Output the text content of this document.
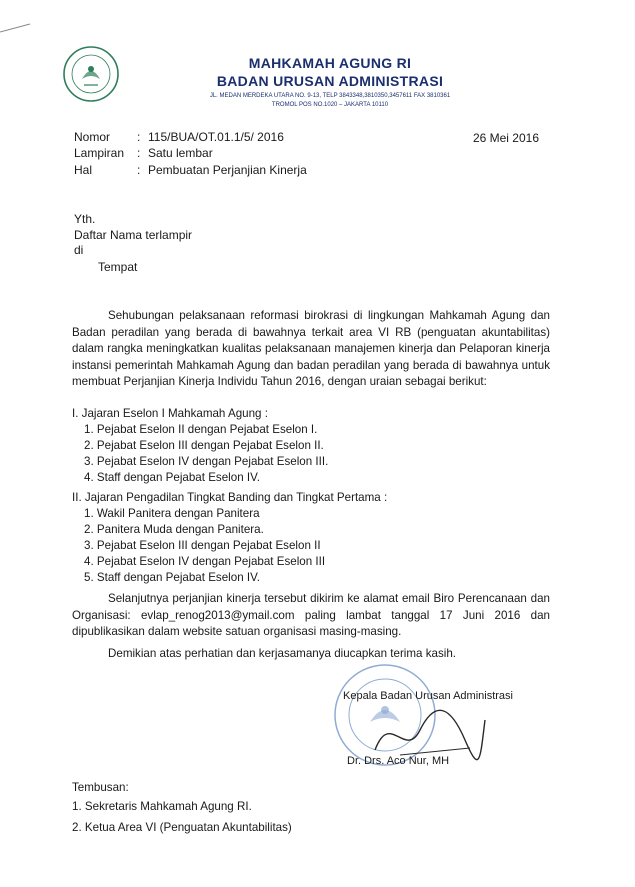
MAHKAMAH AGUNG RI
BADAN URUSAN ADMINISTRASI
JL. MEDAN MERDEKA UTARA NO. 9-13, TELP 3843348,3810350,3457611 FAX 3810361
TROMOL POS NO.1020 – JAKARTA 10110
Nomor : 115/BUA/OT.01.1/5/ 2016	26 Mei 2016
Lampiran : Satu lembar
Hal	: Pembuatan Perjanjian Kinerja
Yth.
Daftar Nama terlampir
di
Tempat
Sehubungan pelaksanaan reformasi birokrasi di lingkungan Mahkamah Agung dan Badan peradilan yang berada di bawahnya terkait area VI RB (penguatan akuntabilitas) dalam rangka meningkatkan kualitas pelaksanaan manajemen kinerja dan Pelaporan kinerja instansi pemerintah Mahkamah Agung dan badan peradilan yang berada di bawahnya untuk membuat Perjanjian Kinerja Individu Tahun 2016, dengan uraian sebagai berikut:
I. Jajaran Eselon I Mahkamah Agung :
1. Pejabat Eselon II dengan Pejabat Eselon I.
2. Pejabat Eselon III dengan Pejabat Eselon II.
3. Pejabat Eselon IV dengan Pejabat Eselon III.
4. Staff dengan Pejabat Eselon IV.
II. Jajaran Pengadilan Tingkat Banding dan Tingkat Pertama :
1. Wakil Panitera dengan Panitera
2. Panitera Muda dengan Panitera.
3. Pejabat Eselon III dengan Pejabat Eselon II
4. Pejabat Eselon IV dengan Pejabat Eselon III
5. Staff dengan Pejabat Eselon IV.
Selanjutnya perjanjian kinerja tersebut dikirim ke alamat email Biro Perencanaan dan Organisasi: evlap_renog2013@ymail.com paling lambat tanggal 17 Juni 2016 dan dipublikasikan dalam website satuan organisasi masing-masing.
Demikian atas perhatian dan kerjasamanya diucapkan terima kasih.
Kepala Badan Urusan Administrasi
Dr. Drs. Aco Nur, MH
Tembusan:
1. Sekretaris Mahkamah Agung RI.
2. Ketua Area VI (Penguatan Akuntabilitas)
